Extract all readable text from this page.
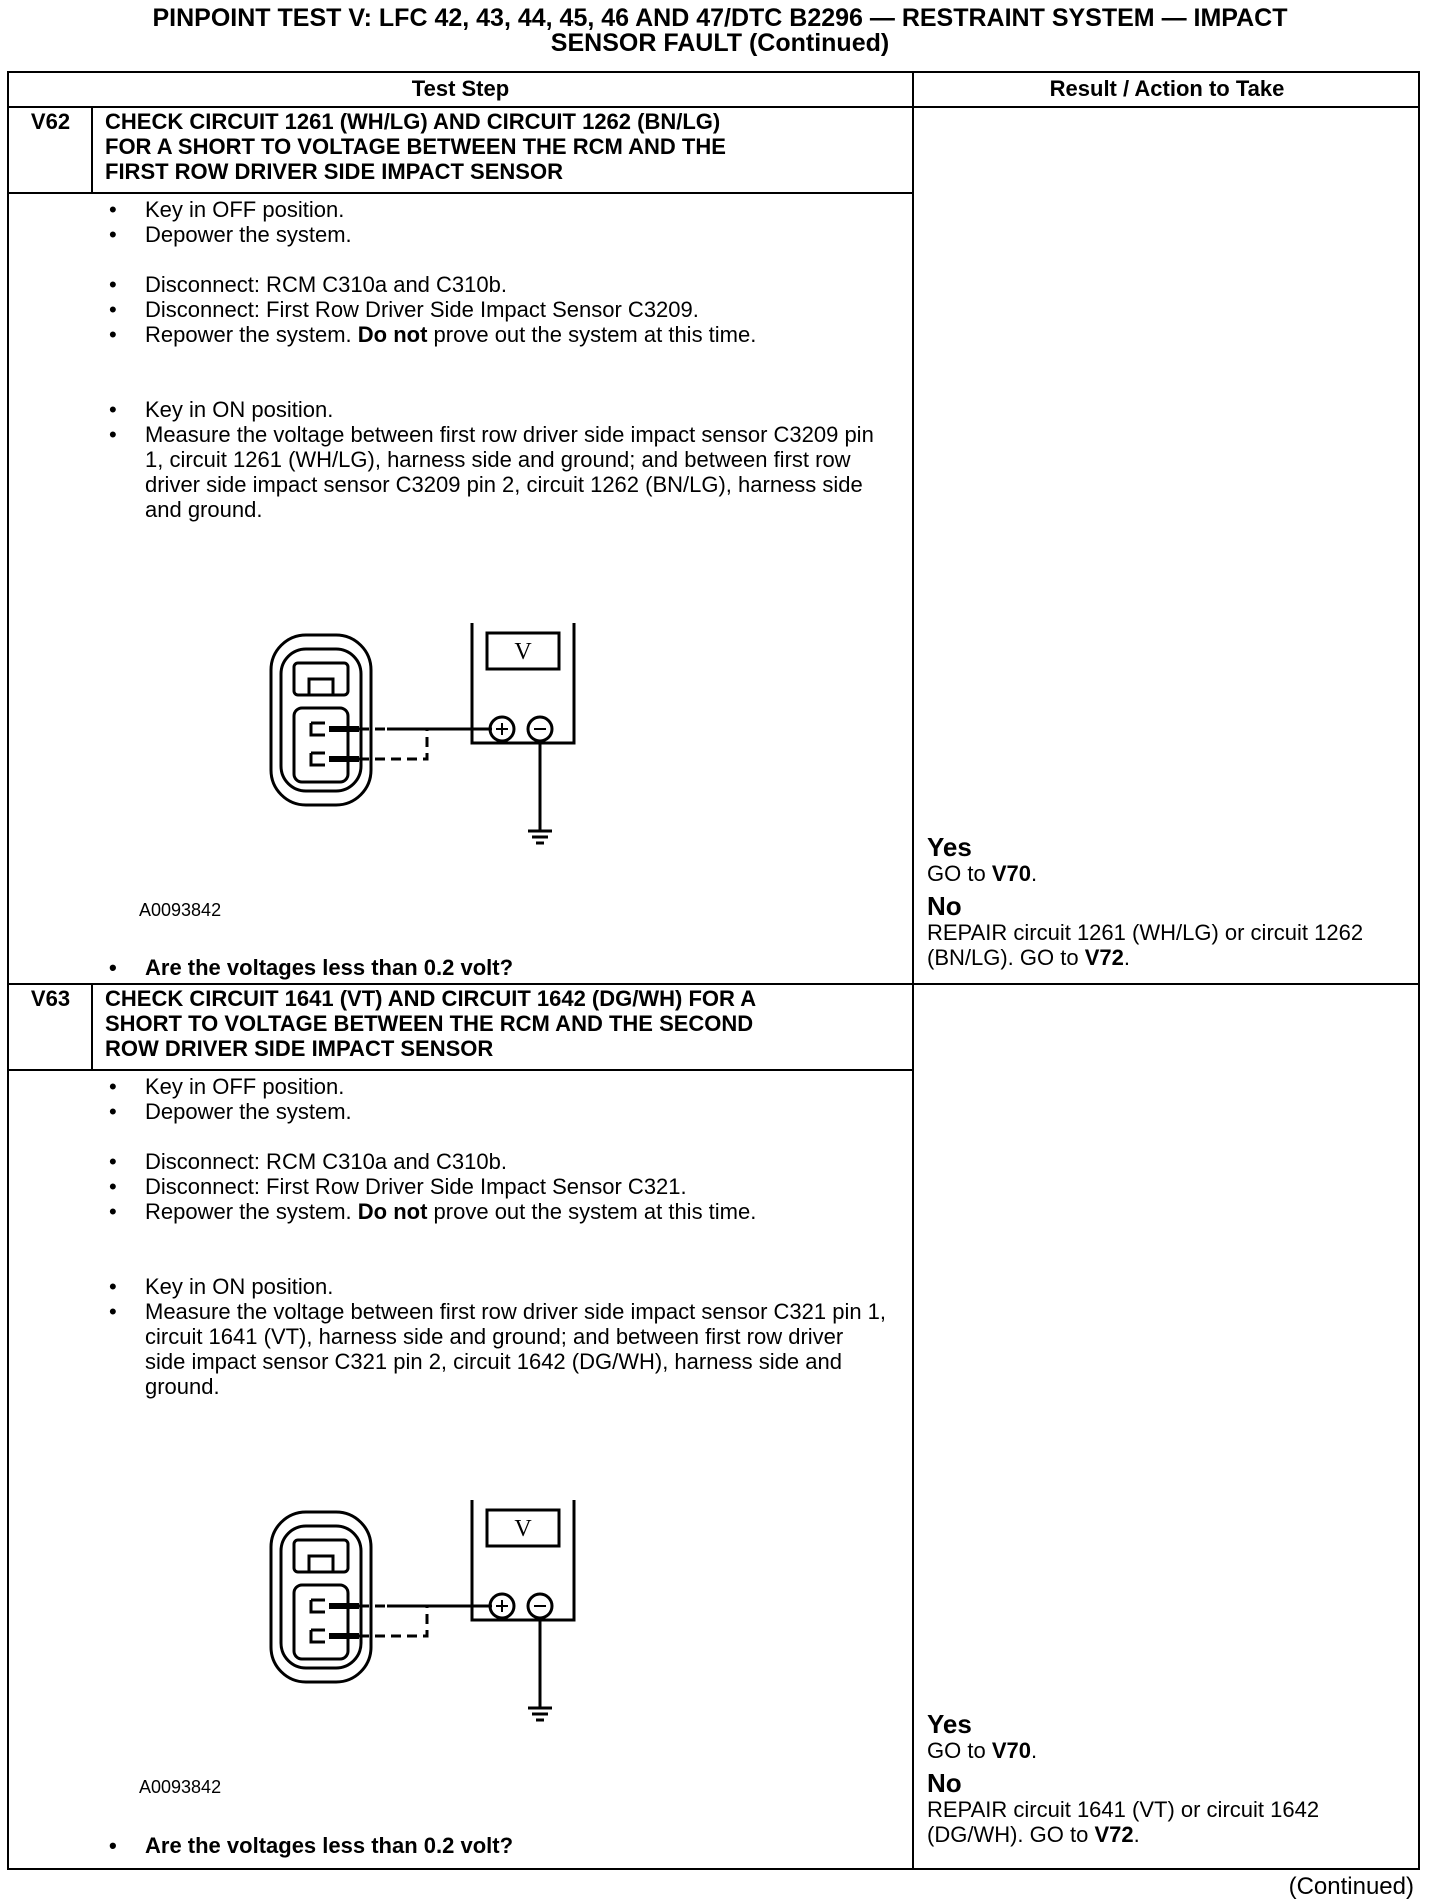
PINPOINT TEST V: LFC 42, 43, 44, 45, 46 AND 47/DTC B2296 — RESTRAINT SYSTEM — IMPACT
SENSOR FAULT (Continued)
Test Step	Result / Action to Take
V62	CHECK CIRCUIT 1261 (WH/LG) AND CIRCUIT 1262 (BN/LG)
FOR A SHORT TO VOLTAGE BETWEEN THE RCM AND THE
FIRST ROW DRIVER SIDE IMPACT SENSOR
• Key in OFF position.
• Depower the system.
• Disconnect: RCM C310a and C310b.
• Disconnect: First Row Driver Side Impact Sensor C3209.
• Repower the system. Do not prove out the system at this time.
• Key in ON position.
• Measure the voltage between first row driver side impact sensor C3209 pin 1, circuit 1261 (WH/LG), harness side and ground; and between first row driver side impact sensor C3209 pin 2, circuit 1262 (BN/LG), harness side and ground.
V
A0093842
• Are the voltages less than 0.2 volt?
Yes
GO to V70.
No
REPAIR circuit 1261 (WH/LG) or circuit 1262 (BN/LG). GO to V72.
V63	CHECK CIRCUIT 1641 (VT) AND CIRCUIT 1642 (DG/WH) FOR A
SHORT TO VOLTAGE BETWEEN THE RCM AND THE SECOND
ROW DRIVER SIDE IMPACT SENSOR
• Key in OFF position.
• Depower the system.
• Disconnect: RCM C310a and C310b.
• Disconnect: First Row Driver Side Impact Sensor C321.
• Repower the system. Do not prove out the system at this time.
• Key in ON position.
• Measure the voltage between first row driver side impact sensor C321 pin 1, circuit 1641 (VT), harness side and ground; and between first row driver side impact sensor C321 pin 2, circuit 1642 (DG/WH), harness side and ground.
V
A0093842
• Are the voltages less than 0.2 volt?
Yes
GO to V70.
No
REPAIR circuit 1641 (VT) or circuit 1642 (DG/WH). GO to V72.
(Continued)
